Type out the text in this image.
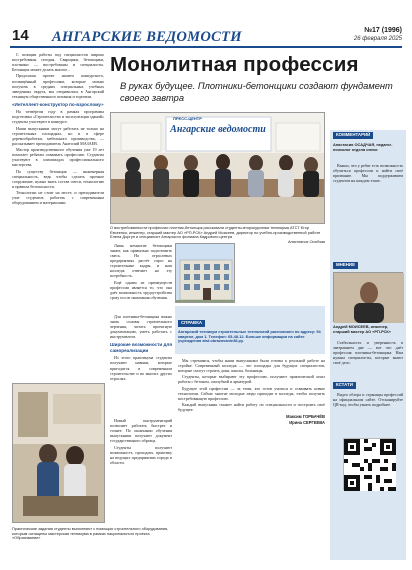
14 АНГАРСКИЕ ВЕДОМОСТИ	№17 (1996)
26 февраля 2025
Монолитная профессия
В руках будущее. Плотники-бетонщики создают фундамент своего завтра

С позиции работы под специалистов широко востребованы сегодня. Сварщики, бетонщики, плотники — востребованы и специалисты. Бетонщик может делать многое...

Продолжая проект нашего конкурсного, посвящённый профессиям, которые можно получить в средних специальных учебных заведениях округа, мы отправились в Ангарский техникум общественного питания и торговли.

«Интеллект-конструктор по-взрослому»

На четвёртом году в рамках программы подготовки «Строительство и эксплуатация зданий» студенты участвуют в конкурсе.

Наши выпускники могут работать не только на строительных площадках, но и в сфере деревообработки, мебельного производства, — рассказывает преподаватель Анатолий МАЗАЕВ.

Мастер производственного обучения уже 19 лет помогает ребятам осваивать профессию. Студенты участвуют в олимпиадах профессионального мастерства.

По существу бетонщик — инженерная специальность, ведь чтобы сделать прочное сооружение, нужно знать состав смеси, технологию и правила безопасности.

Технологии не стоят на месте, и преподаватели учат студентов работать с современным оборудованием и материалами.

Ангарские ведомости
ПРЕСС-ЦЕНТР
О востребованности профессии плотник-бетонщик рассказали студенты-второкурсники техникума АТСТ Егор Евсеенко, инженер, старший мастер АО «РП-РСК» Андрей Моисеев, директор по учебно-производственной работе Елена Доргун и специалист Ангарского филиала Кадрового центра
Анастасия Осадчая

Лишь немногие бетонщики знают, как правильно подготовить смесь. На отраслевых предприятиях растёт спрос на строительные кадры, и наш колледж отвечает на эту потребность.

Ещё одним из преимуществ профессии является то, что она даёт возможность трудоустройства сразу после окончания обучения.

СПРАВКА
Ангарский техникум строительных технологий расположен по адресу: 94 квартал, дом 1. Телефон: 65-48-12. Больше информации на сайте учреждения atst.obrazovanie38.ру.

Для плотника-бетонщика важно знать основы строительного черчения, читать проектную документацию, уметь работать с инструментом.

Широкие возможности для самореализации

Из этого практикума студенты получают навыки, которые пригодятся в современном строительстве и во многих других отраслях.

Новый инструментарий позволяет работать быстрее и точнее. По окончании обучения выпускники получают документ государственного образца.

Студенты получают возможность проходить практику на ведущих предприятиях города и области.

Мы стремимся, чтобы наши выпускники были готовы к реальной работе на стройке. Современный колледж — это площадка для будущих специалистов, которые смогут строить дома, школы, больницы.

Студенты, которые выбирают эту профессию, получают практический опыт работы с бетоном, опалубкой и арматурой.

Будущее этой профессии — за теми, кто готов учиться и осваивать новые технологии. Сейчас многие молодые люди приходят в колледж, чтобы получить востребованную профессию.

Каждый выпускник сможет найти работу по специальности и построить своё будущее.

Максим ГОРБАЧЁВ

Ирина СЕРГЕЕВА

Практические задания студенты выполняют с помощью строительного оборудования, которым оснащены мастерская техникума в рамках национального проекта «Образование»
КОММЕНТАРИЙ
Анастасия ОСАДЧАЯ, педагог-психолог отдела опеки

Важно, что у ребят есть возможность обучиться профессии и найти своё призвание. Мы поддерживаем студентов на каждом этапе.

МНЕНИЕ
Андрей МОИСЕЕВ, инженер, старший мастер АО «РП-РСК»

Стабильность и уверенность в завтрашнем дне — вот что даёт профессия плотника-бетонщика. Нам нужны специалисты, которые знают своё дело.

КСТАТИ

Видео обзора и страницы профессий на официальном сайте. Отсканируйте QR-код, чтобы узнать подробнее.
